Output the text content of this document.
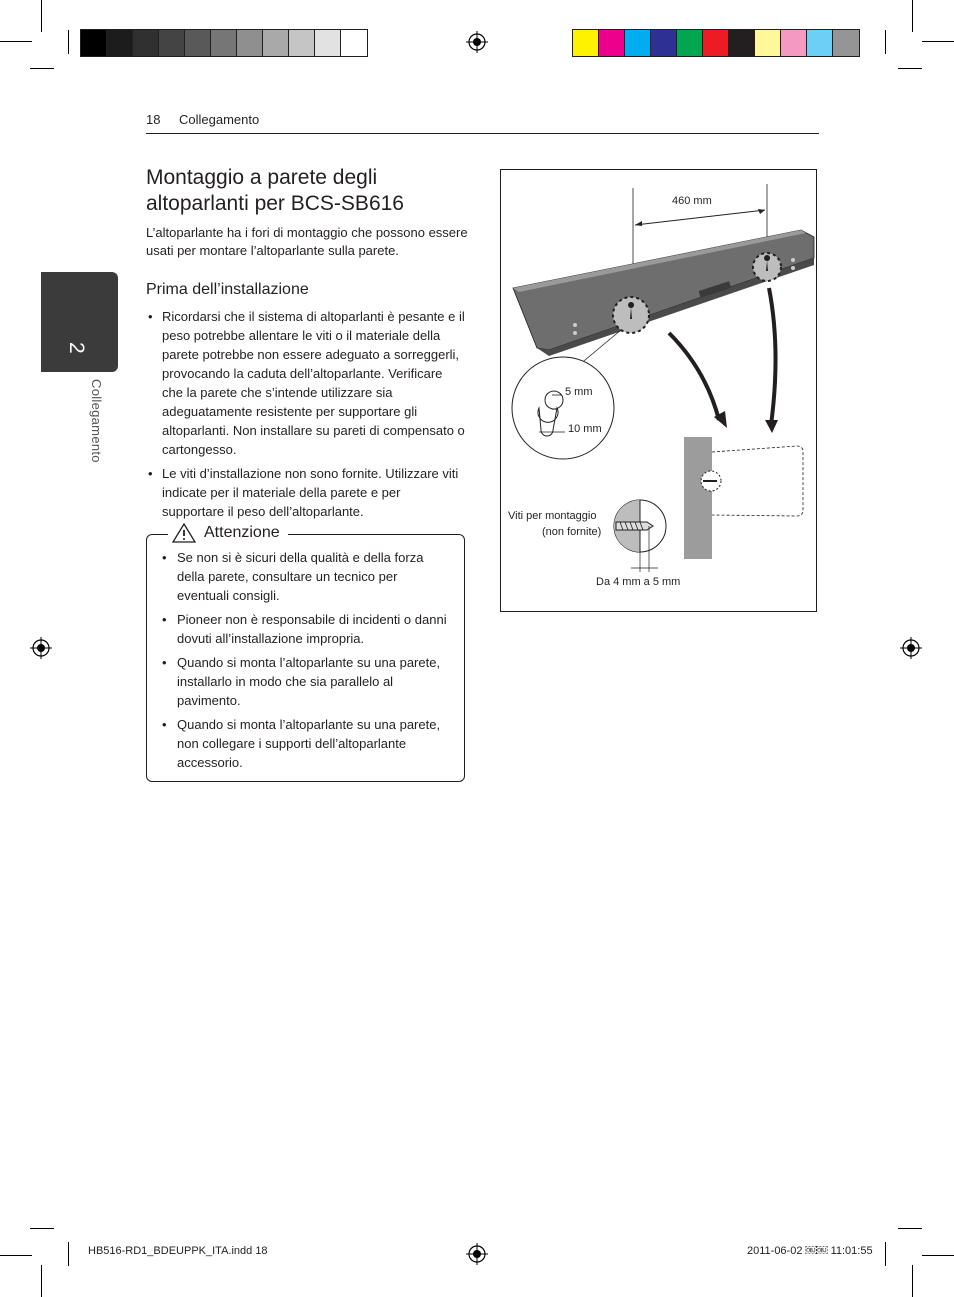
18 Collegamento
2
Collegamento
Montaggio a parete degli altoparlanti per BCS-SB616
L’altoparlante ha i fori di montaggio che possono essere usati per montare l’altoparlante sulla parete.
Prima dell’installazione
• Ricordarsi che il sistema di altoparlanti è pesante e il peso potrebbe allentare le viti o il materiale della parete potrebbe non essere adeguato a sorreggerli, provocando la caduta dell’altoparlante. Verificare che la parete che s’intende utilizzare sia adeguatamente resistente per supportare gli altoparlanti. Non installare su pareti di compensato o cartongesso.
• Le viti d’installazione non sono fornite. Utilizzare viti indicate per il materiale della parete e per supportare il peso dell’altoparlante.
Attenzione
• Se non si è sicuri della qualità e della forza della parete, consultare un tecnico per eventuali consigli.
• Pioneer non è responsabile di incidenti o danni dovuti all’installazione impropria.
• Quando si monta l’altoparlante su una parete, installarlo in modo che sia parallelo al pavimento.
• Quando si monta l’altoparlante su una parete, non collegare i supporti dell’altoparlante accessorio.
460 mm
5 mm
10 mm
Viti per montaggio
(non fornite)
Da 4 mm a 5 mm
HB516-RD1_BDEUPPK_ITA.indd 18	2011-06-02 ￼￼ 11:01:55
